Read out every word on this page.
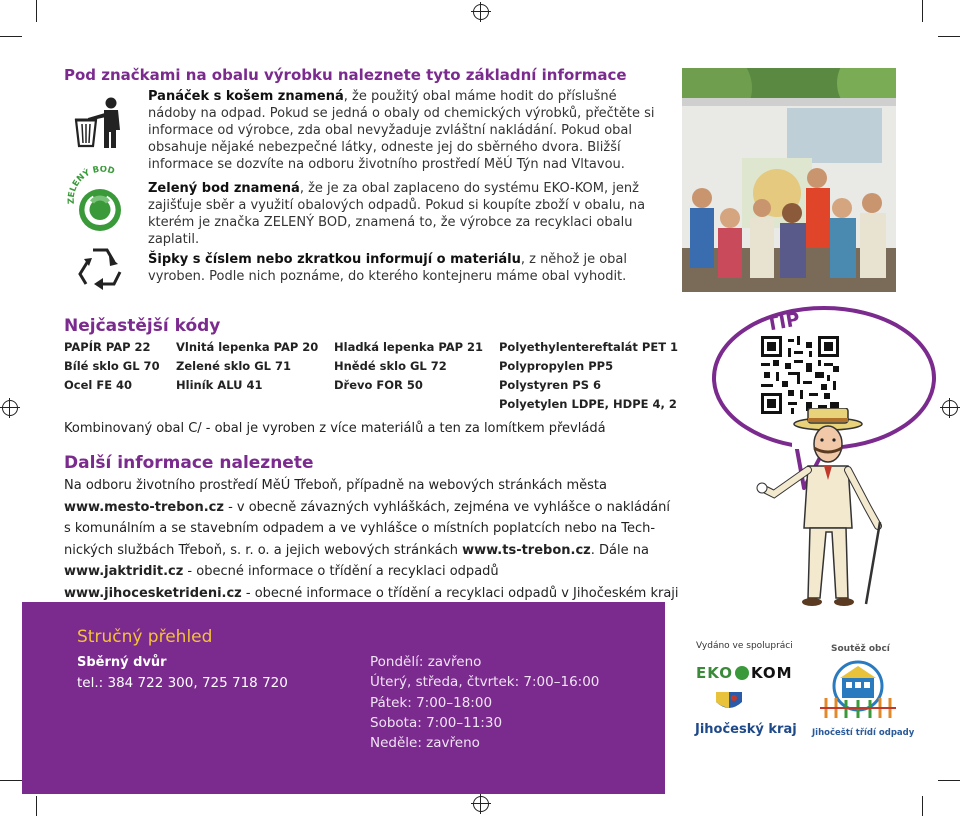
Pod značkami na obalu výrobku naleznete tyto základní informace
Panáček s košem znamená, že použitý obal máme hodit do příslušné nádoby na odpad. Pokud se jedná o obaly od chemických výrobků, přečtěte si informace od výrobce, zda obal nevyžaduje zvláštní nakládání. Pokud obal obsahuje nějaké nebezpečné látky, odneste jej do sběrného dvora. Bližší informace se dozvíte na odboru životního prostředí MěÚ Týn nad Vltavou.
ZELENÝ BOD
Zelený bod znamená, že je za obal zaplaceno do systému EKO-KOM, jenž zajišťuje sběr a využití obalových odpadů. Pokud si koupíte zboží v obalu, na kterém je značka ZELENÝ BOD, znamená to, že výrobce za recyklaci obalu zaplatil.
Šipky s číslem nebo zkratkou informují o materiálu, z něhož je obal vyroben. Podle nich poznáme, do kterého kontejneru máme obal vyhodit.
Nejčastější kódy
PAPÍR PAP 22
Bílé sklo GL 70
Ocel FE 40
Vlnitá lepenka PAP 20
Zelené sklo GL 71
Hliník ALU 41
Hladká lepenka PAP 21
Hnědé sklo GL 72
Dřevo FOR 50
Polyethylentereftalát PET 1
Polypropylen PP5
Polystyren PS 6
Polyetylen LDPE, HDPE 4, 2
Kombinovaný obal C/ - obal je vyroben z více materiálů a ten za lomítkem převládá
Další informace naleznete
Na odboru životního prostředí MěÚ Třeboň, případně na webových stránkách města
www.mesto-trebon.cz - v obecně závazných vyhláškách, zejména ve vyhlášce o nakládání
s komunálním a se stavebním odpadem a ve vyhlášce o místních poplatcích nebo na Tech-
nických službách Třeboň, s. r. o. a jejich webových stránkách www.ts-trebon.cz. Dále na
www.jaktridit.cz - obecné informace o třídění a recyklaci odpadů
www.jihocesketrideni.cz - obecné informace o třídění a recyklaci odpadů v Jihočeském kraji
TIP
Stručný přehled
Sběrný dvůr
tel.: 384 722 300, 725 718 720
Pondělí: zavřeno
Úterý, středa, čtvrtek: 7:00–16:00
Pátek: 7:00–18:00
Sobota: 7:00–11:30
Neděle: zavřeno
Vydáno ve spolupráci
EKO KOM
Jihočeský kraj
Soutěž obcí
Jihočeští třídí odpady
